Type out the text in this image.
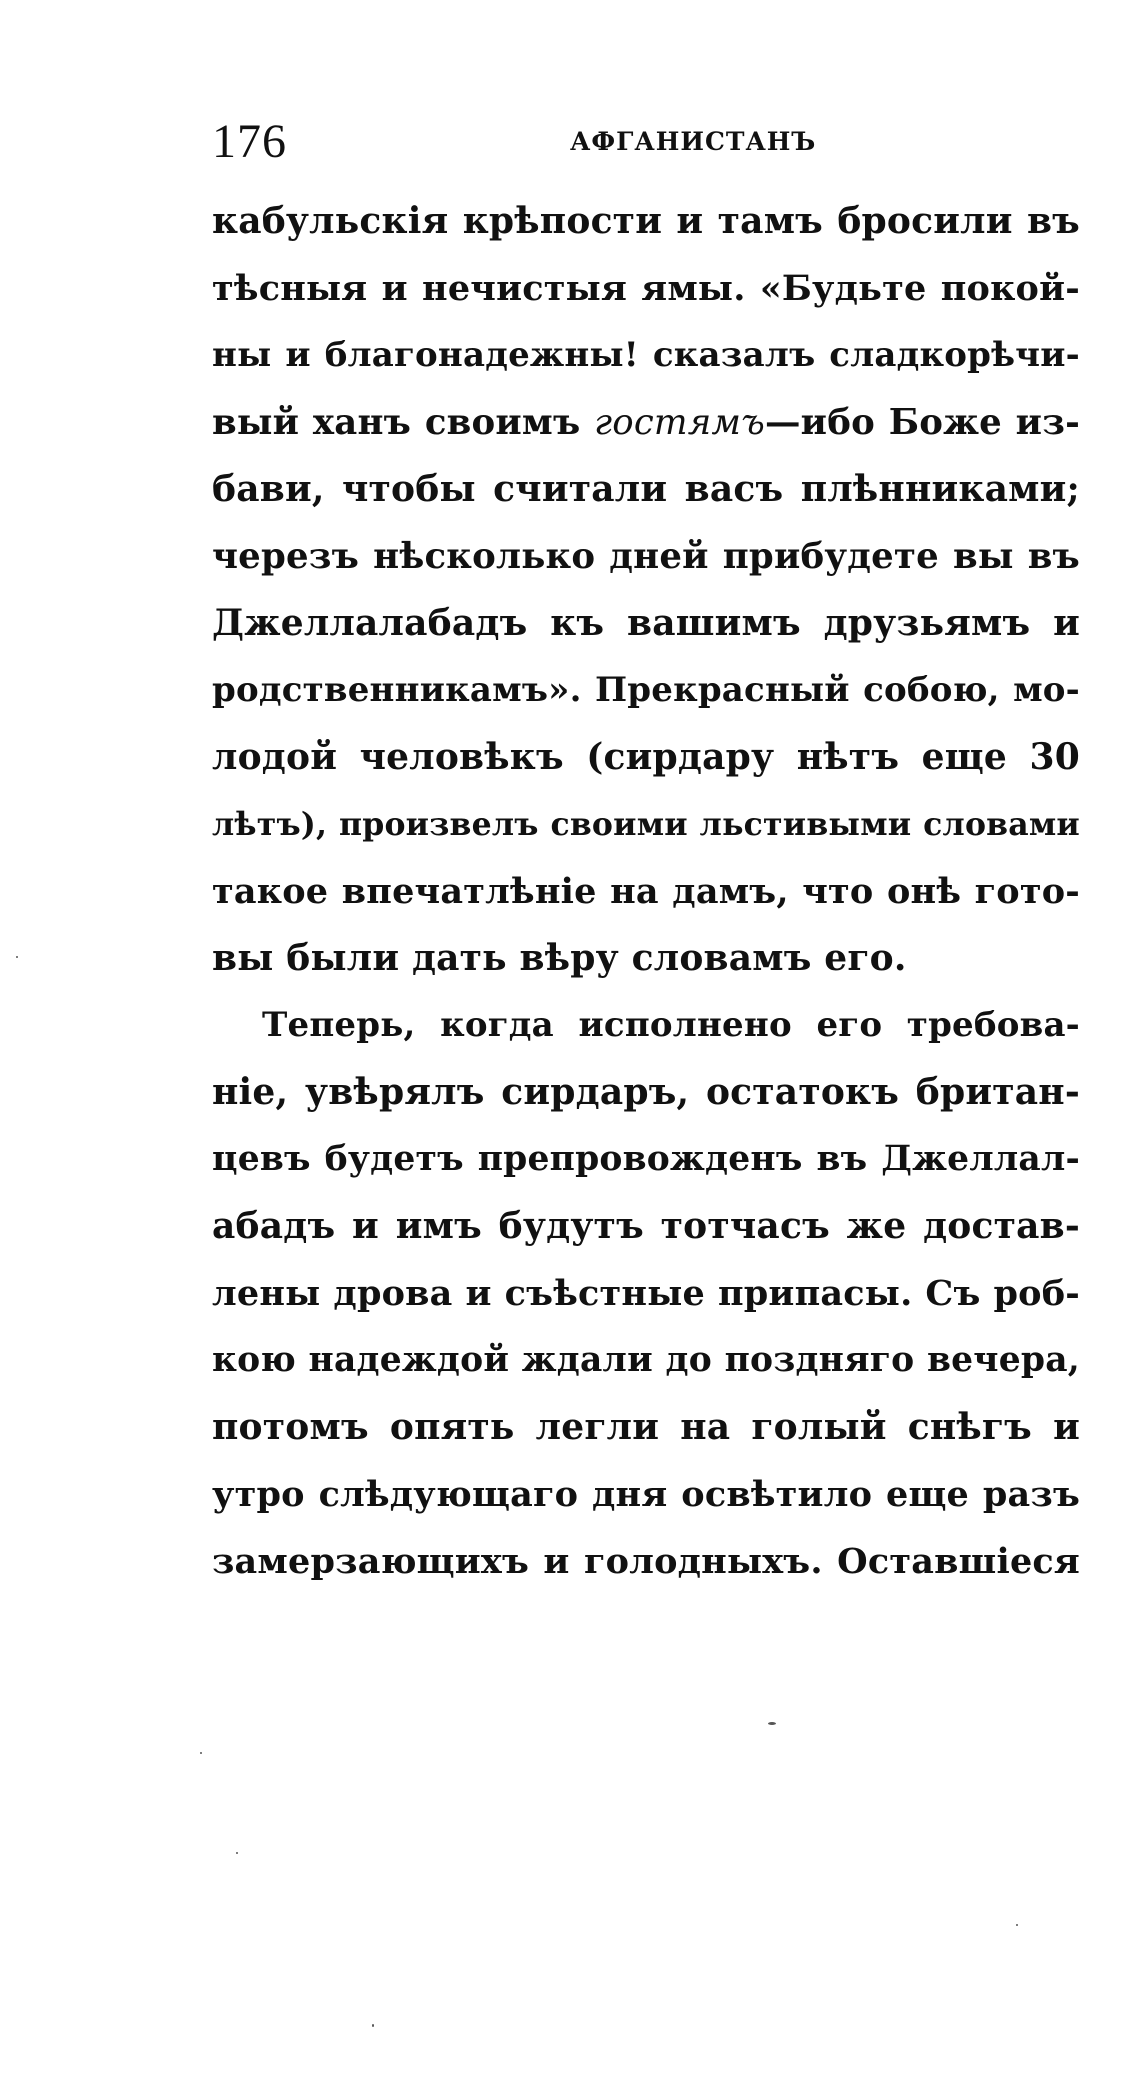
176	АФГАНИСТАНЪ
кабульскія крѣпости и тамъ бросили въ
тѣсныя и нечистыя ямы. «Будьте покой-
ны и благонадежны! сказалъ сладкорѣчи-
вый ханъ своимъ гостямъ—ибо Боже из-
бави, чтобы считали васъ плѣнниками;
черезъ нѣсколько дней прибудете вы въ
Джеллалабадъ къ вашимъ друзьямъ и
родственникамъ». Прекрасный собою, мо-
лодой человѣкъ (сирдару нѣтъ еще 30
лѣтъ), произвелъ своими льстивыми словами
такое впечатлѣніе на дамъ, что онѣ гото-
вы были дать вѣру словамъ его.
Теперь, когда исполнено его требова-
ніе, увѣрялъ сирдаръ, остатокъ британ-
цевъ будетъ препровожденъ въ Джеллал-
абадъ и имъ будутъ тотчасъ же достав-
лены дрова и съѣстные припасы. Съ роб-
кою надеждой ждали до поздняго вечера,
потомъ опять легли на голый снѣгъ и
утро слѣдующаго дня освѣтило еще разъ
замерзающихъ и голодныхъ. Оставшіеся
